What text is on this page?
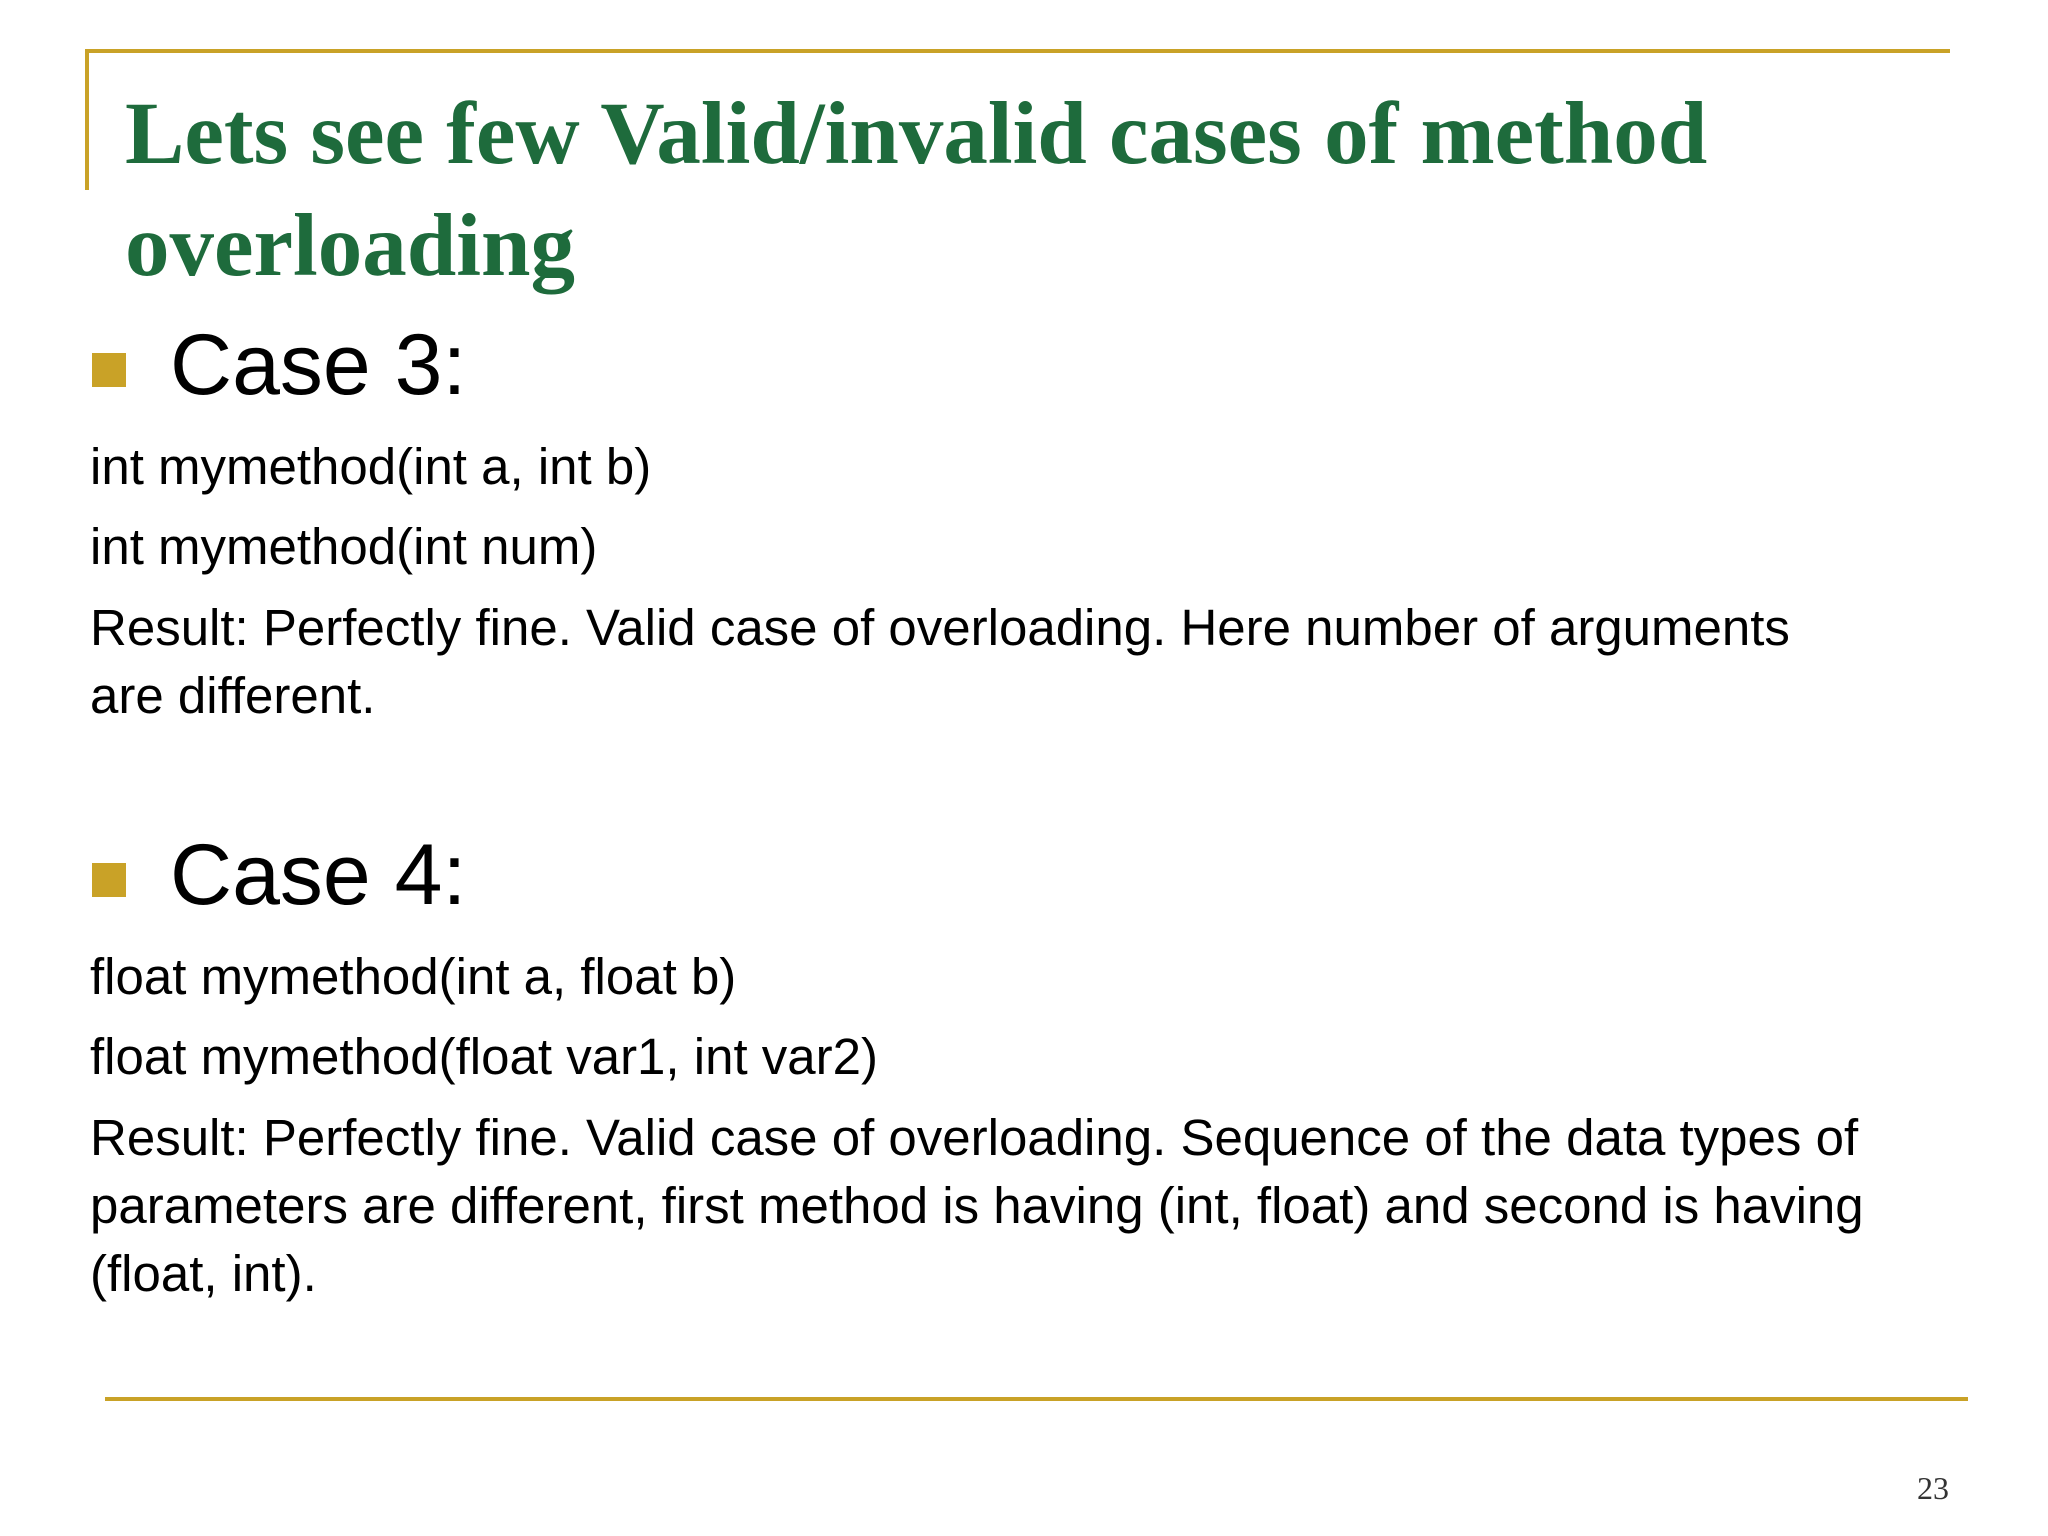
Lets see few Valid/invalid cases of method overloading
Case 3:
int mymethod(int a, int b)
int mymethod(int num)

Result: Perfectly fine. Valid case of overloading. Here number of arguments are different.

Case 4:
float mymethod(int a, float b)
float mymethod(float var1, int var2)

Result: Perfectly fine. Valid case of overloading. Sequence of the data types of parameters are different, first method is having (int, float) and second is having (float, int).

23
